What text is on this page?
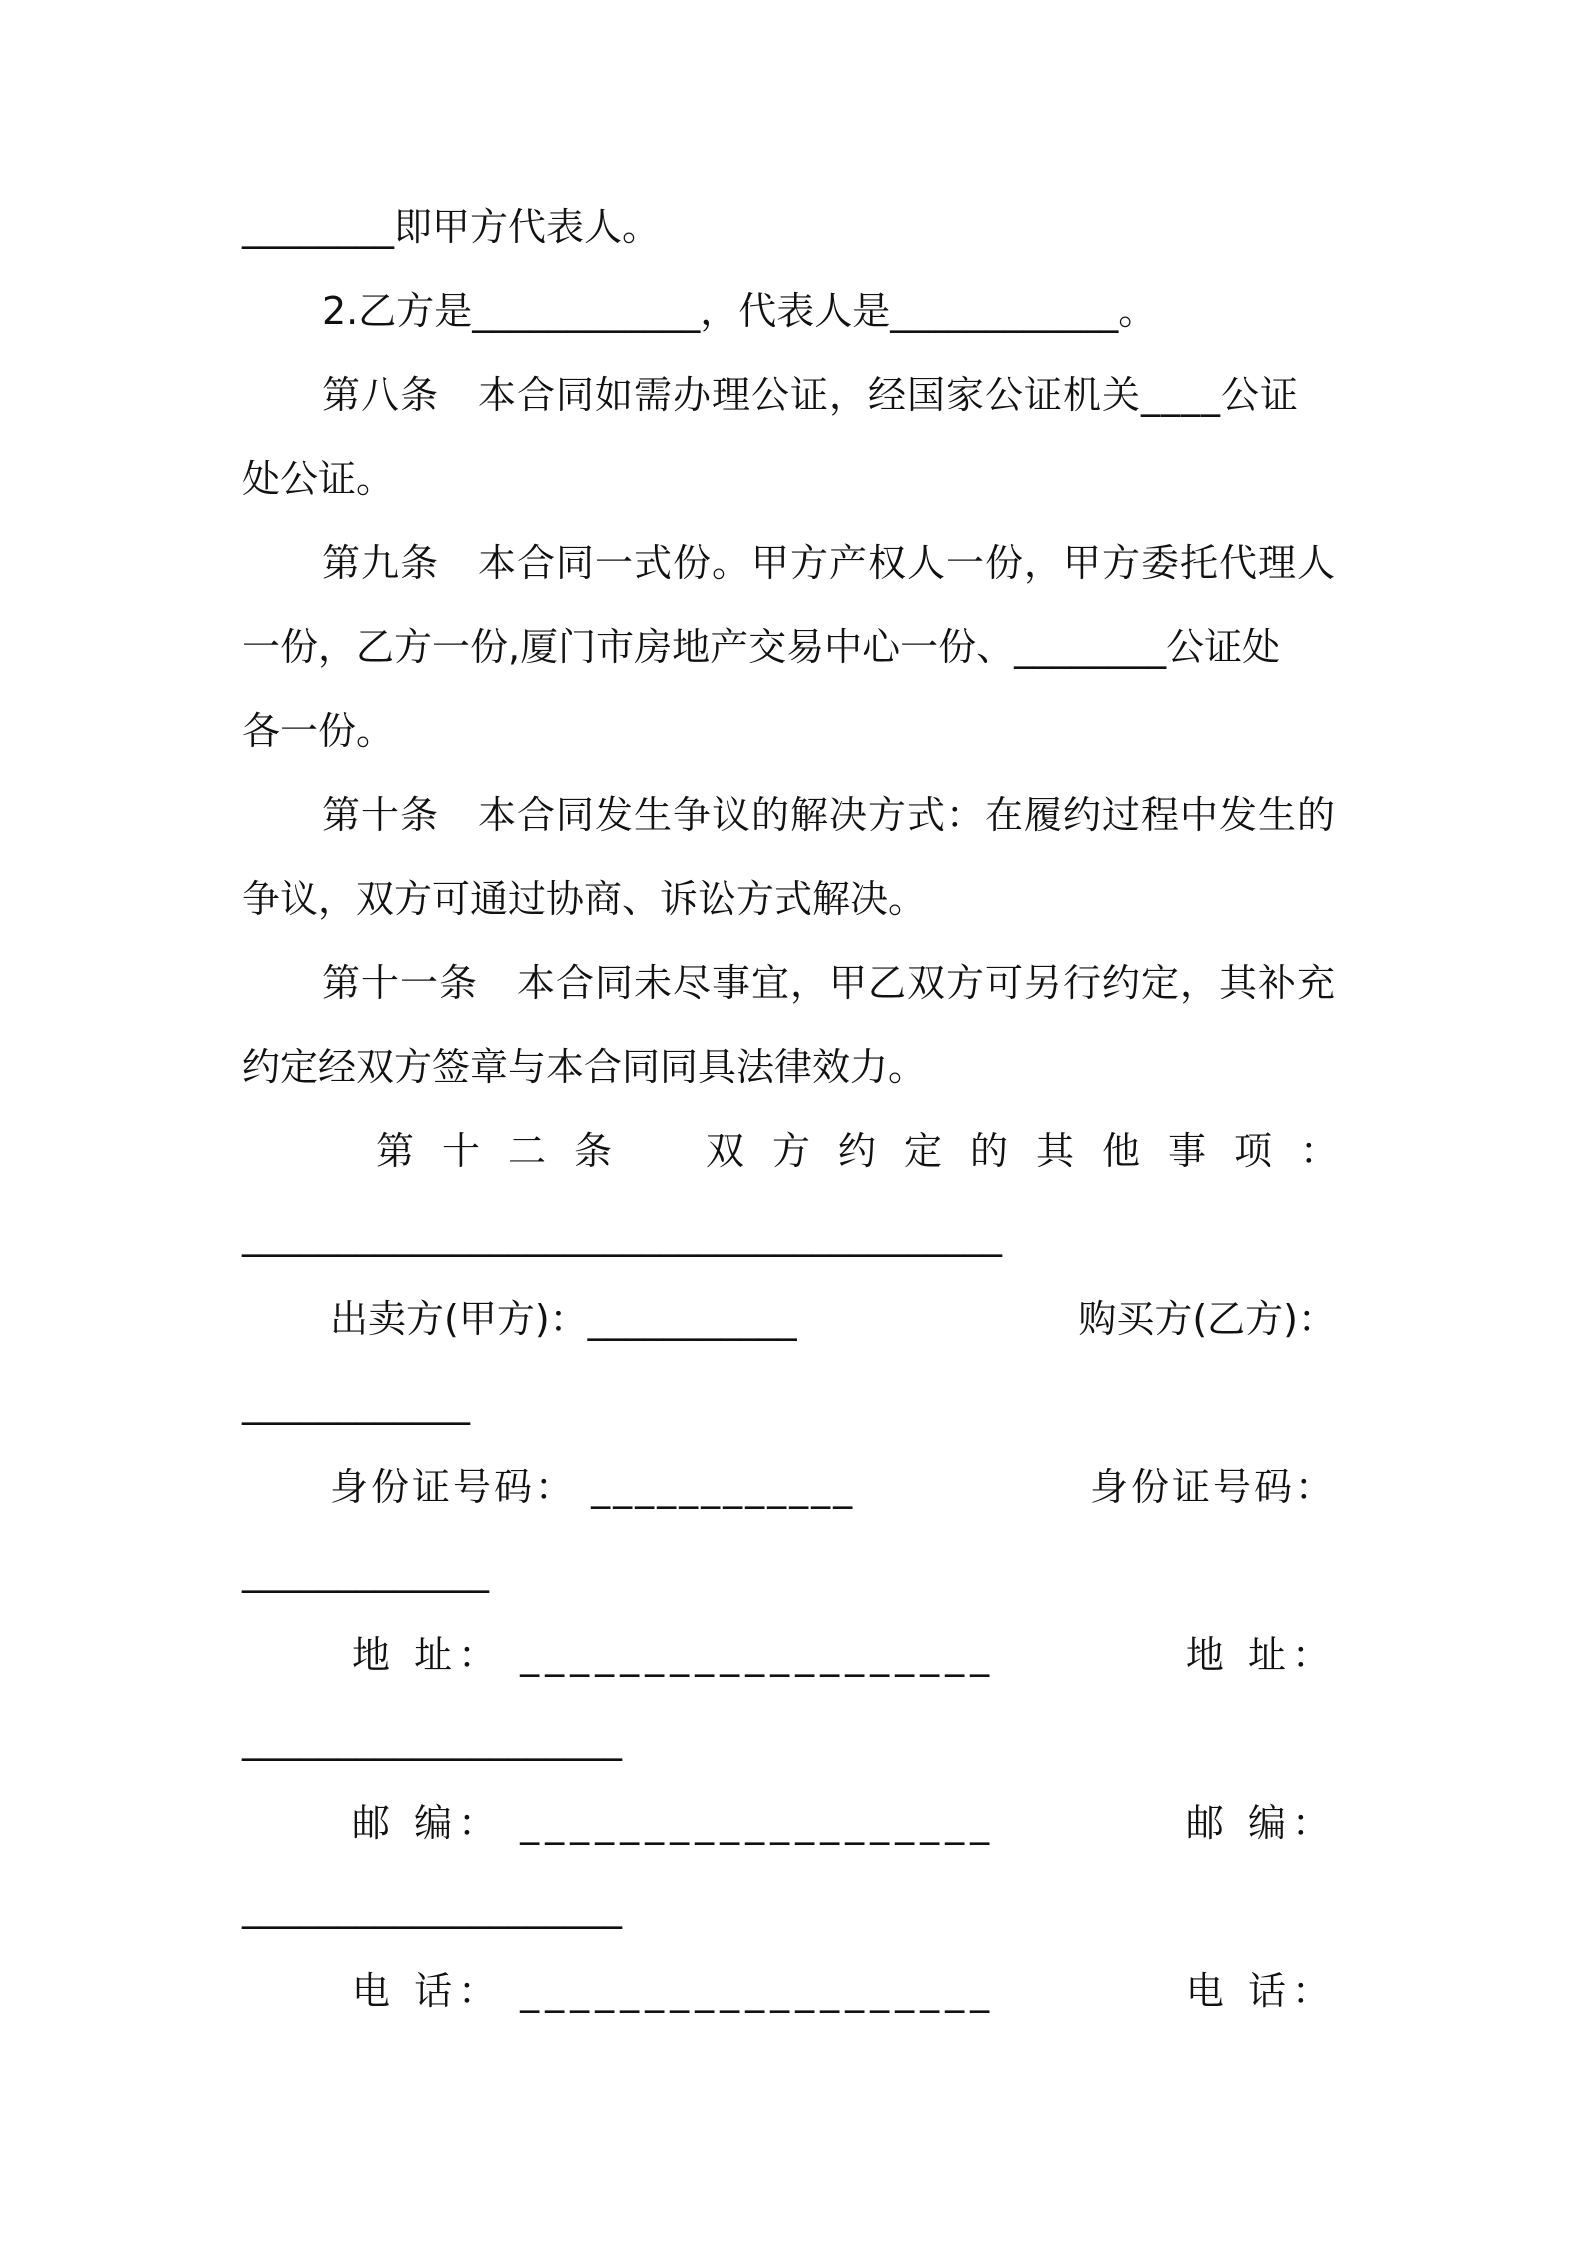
________即甲方代表人。
2.乙方是____________，代表人是____________。
第八条　本合同如需办理公证，经国家公证机关____公证
处公证。
第九条　本合同一式份。甲方产权人一份，甲方委托代理人
一份，乙方一份,厦门市房地产交易中心一份、________公证处
各一份。
第十条　本合同发生争议的解决方式：在履约过程中发生的
争议，双方可通过协商、诉讼方式解决。
第十一条　本合同未尽事宜，甲乙双方可另行约定，其补充
约定经双方签章与本合同同具法律效力。
第十二条　双方约定的其他事项：
________________________________________
出卖方(甲方)：___________	购买方(乙方)：
____________
身份证号码： ____________	身份证号码：
_____________
地 址： ___________________	地 址：
____________________
邮 编： ___________________	邮 编：
____________________
电 话： ___________________	电 话：
